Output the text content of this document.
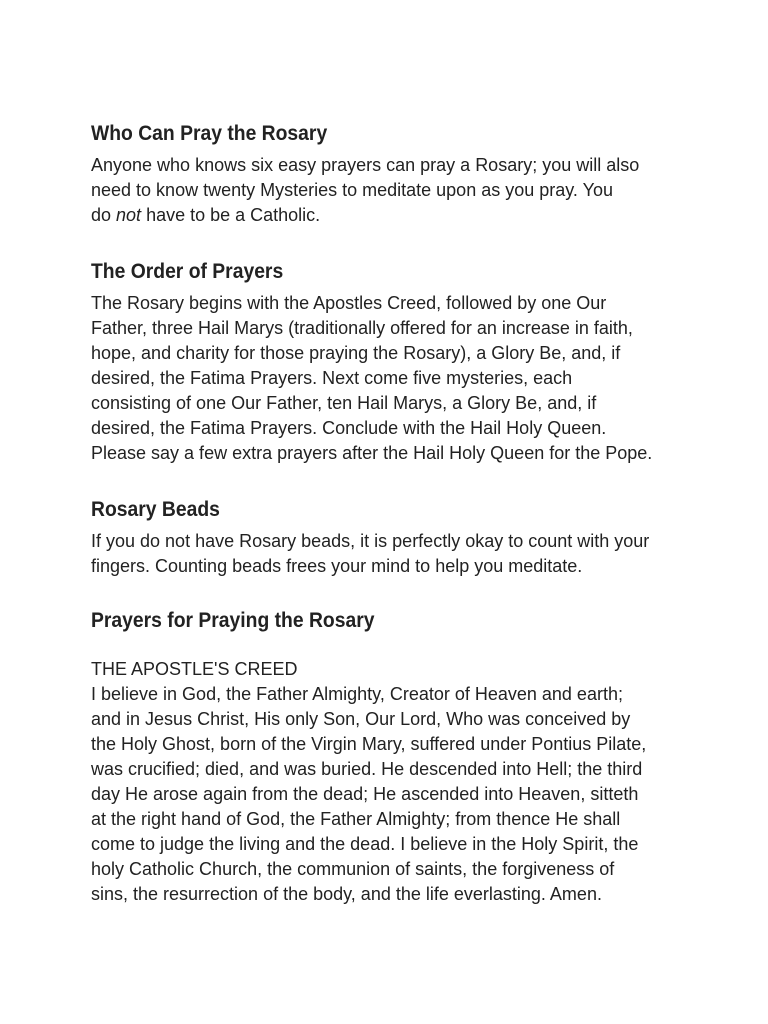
Who Can Pray the Rosary

Anyone who knows six easy prayers can pray a Rosary; you will also
need to know twenty Mysteries to meditate upon as you pray. You
do not have to be a Catholic.

The Order of Prayers

The Rosary begins with the Apostles Creed, followed by one Our
Father, three Hail Marys (traditionally offered for an increase in faith,
hope, and charity for those praying the Rosary), a Glory Be, and, if
desired, the Fatima Prayers. Next come five mysteries, each
consisting of one Our Father, ten Hail Marys, a Glory Be, and, if
desired, the Fatima Prayers. Conclude with the Hail Holy Queen.
Please say a few extra prayers after the Hail Holy Queen for the Pope.

Rosary Beads

If you do not have Rosary beads, it is perfectly okay to count with your
fingers. Counting beads frees your mind to help you meditate.

Prayers for Praying the Rosary

THE APOSTLE'S CREED

I believe in God, the Father Almighty, Creator of Heaven and earth;
and in Jesus Christ, His only Son, Our Lord, Who was conceived by
the Holy Ghost, born of the Virgin Mary, suffered under Pontius Pilate,
was crucified; died, and was buried. He descended into Hell; the third
day He arose again from the dead; He ascended into Heaven, sitteth
at the right hand of God, the Father Almighty; from thence He shall
come to judge the living and the dead. I believe in the Holy Spirit, the
holy Catholic Church, the communion of saints, the forgiveness of
sins, the resurrection of the body, and the life everlasting. Amen.
